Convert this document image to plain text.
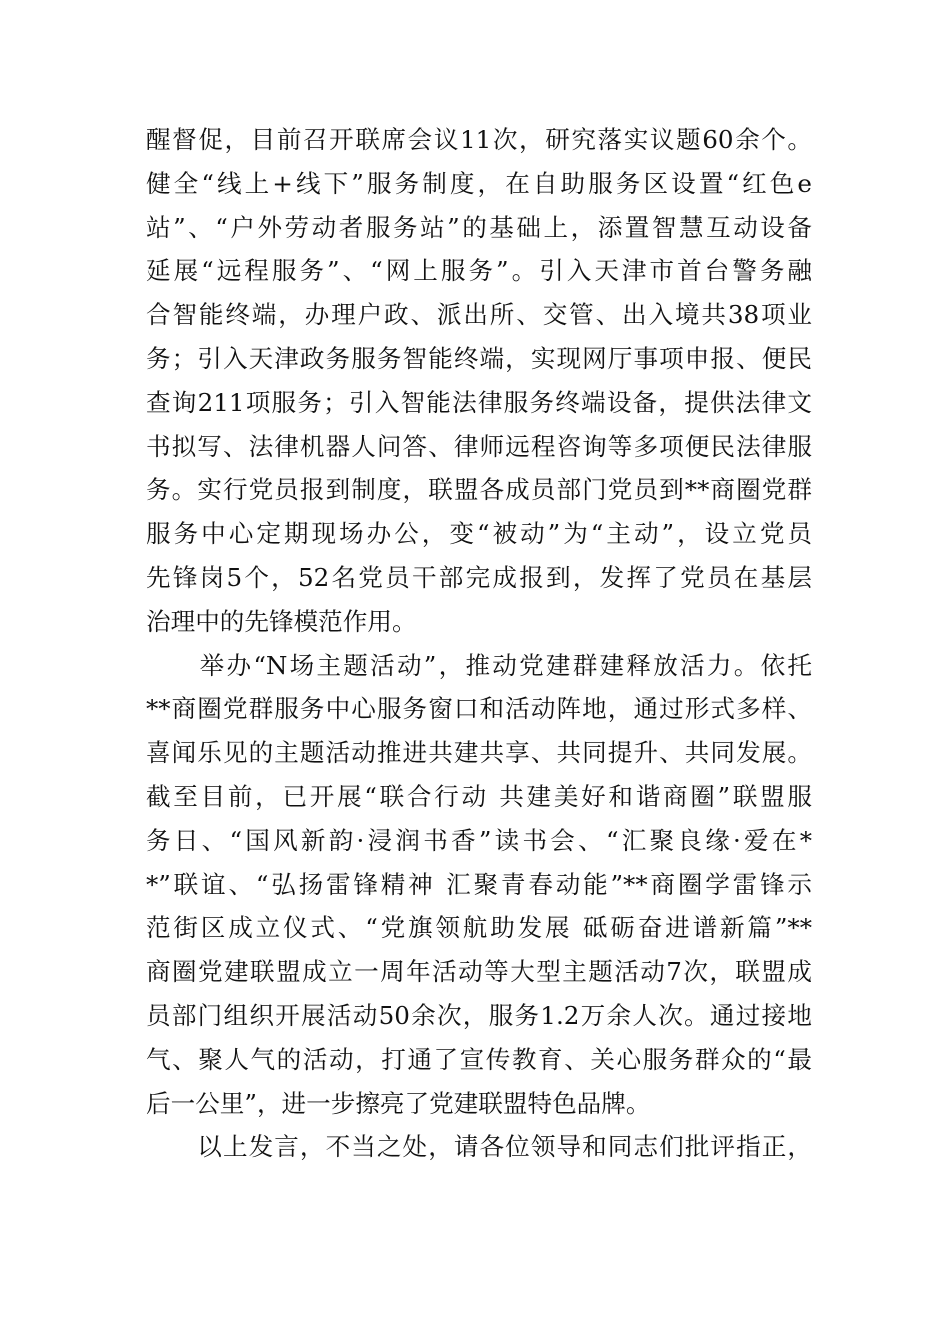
醒督促，目前召开联席会议11次，研究落实议题60余个。
健全“线上+线下”服务制度，在自助服务区设置“红色e
站”、“户外劳动者服务站”的基础上，添置智慧互动设备
延展“远程服务”、“网上服务”。引入天津市首台警务融
合智能终端，办理户政、派出所、交管、出入境共38项业
务；引入天津政务服务智能终端，实现网厅事项申报、便民
查询211项服务；引入智能法律服务终端设备，提供法律文
书拟写、法律机器人问答、律师远程咨询等多项便民法律服
务。实行党员报到制度，联盟各成员部门党员到**商圈党群
服务中心定期现场办公，变“被动”为“主动”，设立党员
先锋岗5个，52名党员干部完成报到，发挥了党员在基层
治理中的先锋模范作用。
　　举办“N场主题活动”，推动党建群建释放活力。依托
**商圈党群服务中心服务窗口和活动阵地，通过形式多样、
喜闻乐见的主题活动推进共建共享、共同提升、共同发展。
截至目前，已开展“联合行动 共建美好和谐商圈”联盟服
务日、“国风新韵·浸润书香”读书会、“汇聚良缘·爱在*
*”联谊、“弘扬雷锋精神 汇聚青春动能”**商圈学雷锋示
范街区成立仪式、“党旗领航助发展 砥砺奋进谱新篇”**
商圈党建联盟成立一周年活动等大型主题活动7次，联盟成
员部门组织开展活动50余次，服务1.2万余人次。通过接地
气、聚人气的活动，打通了宣传教育、关心服务群众的“最
后一公里”，进一步擦亮了党建联盟特色品牌。
　　以上发言，不当之处，请各位领导和同志们批评指正，
